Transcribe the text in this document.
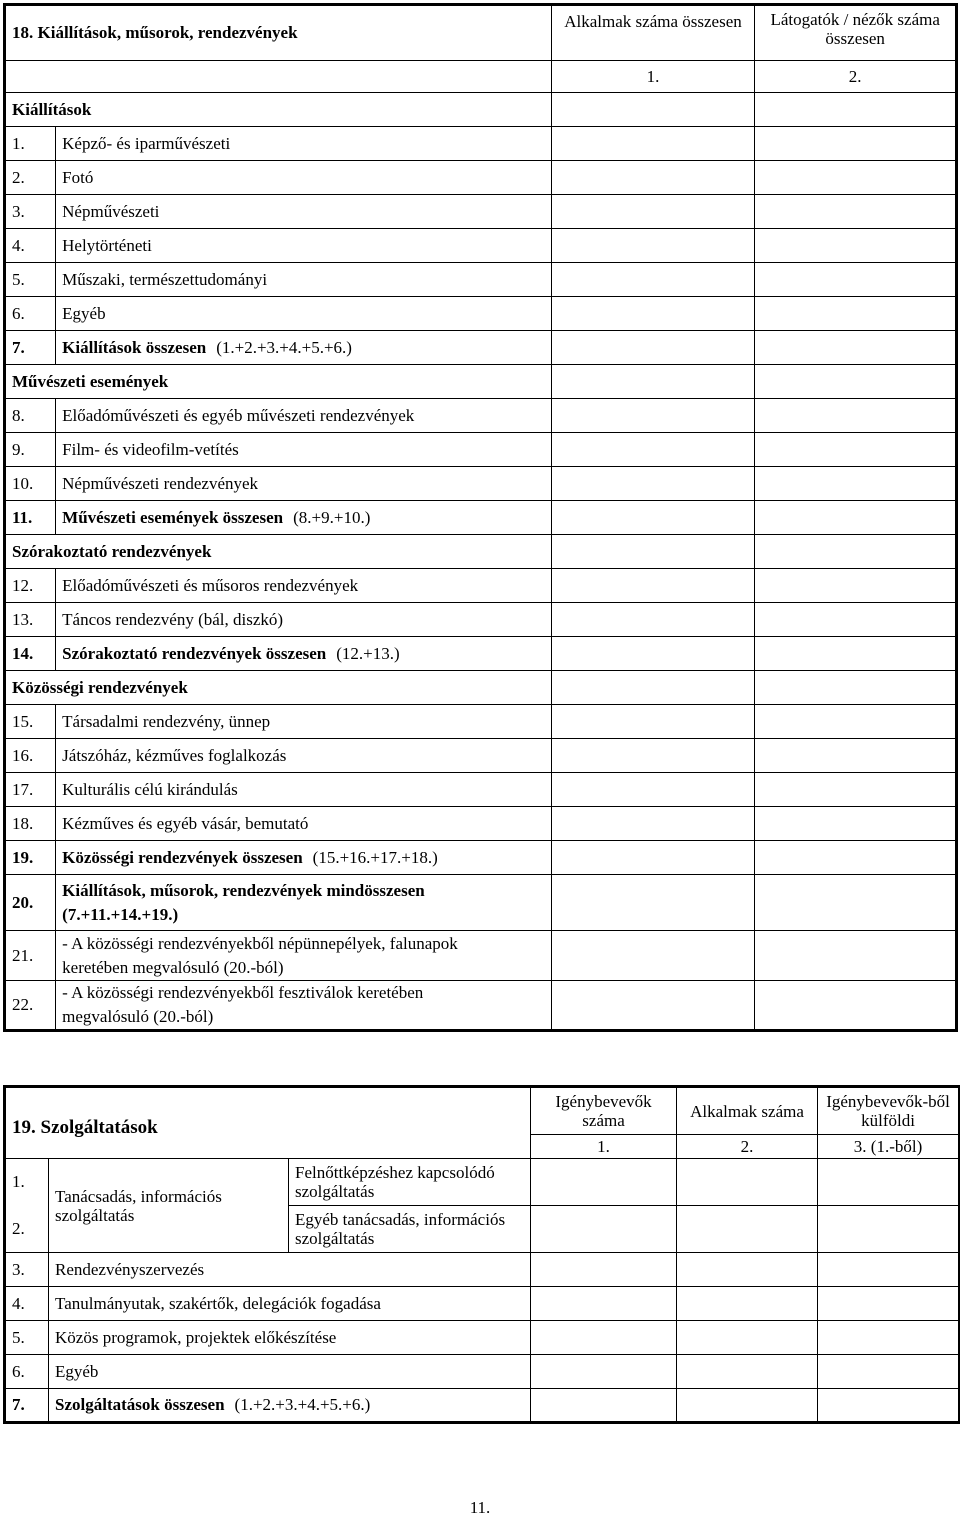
18. Kiállítások, műsorok, rendezvények		Alkalmak száma összesen	Látogatók / nézők száma összesen
		1.	2.
Kiállítások			
1.	Képző- és iparművészeti		
2.	Fotó		
3.	Népművészeti		
4.	Helytörténeti		
5.	Műszaki, természettudományi		
6.	Egyéb		
7.	Kiállítások összesen (1.+2.+3.+4.+5.+6.)		
Művészeti események			
8.	Előadóművészeti és egyéb művészeti rendezvények		
9.	Film- és videofilm-vetítés		
10.	Népművészeti rendezvények		
11.	Művészeti események összesen (8.+9.+10.)		
Szórakoztató rendezvények			
12.	Előadóművészeti és műsoros rendezvények		
13.	Táncos rendezvény (bál, diszkó)		
14.	Szórakoztató rendezvények összesen (12.+13.)		
Közösségi rendezvények			
15.	Társadalmi rendezvény, ünnep		
16.	Játszóház, kézműves foglalkozás		
17.	Kulturális célú kirándulás		
18.	Kézműves és egyéb vásár, bemutató		
19.	Közösségi rendezvények összesen (15.+16.+17.+18.)		
20.	Kiállítások, műsorok, rendezvények mindösszesen
(7.+11.+14.+19.)		

21.	- A közösségi rendezvényekből népünnepélyek, falunapok
keretében megvalósuló (20.-ból)		

22.	- A közösségi rendezvényekből fesztiválok keretében
megvalósuló (20.-ból)		

19. Szolgáltatások			Igénybevevők száma	Alkalmak száma	Igénybevevők-ből külföldi
			1.	2.	3. (1.-ből)
1.	Tanácsadás, információs szolgáltatás	Felnőttképzéshez kapcsolódó szolgáltatás			
2.		Egyéb tanácsadás, információs szolgáltatás			
3.	Rendezvényszervezés				
4.	Tanulmányutak, szakértők, delegációk fogadása				
5.	Közös programok, projektek előkészítése				
6.	Egyéb				
7.	Szolgáltatások összesen (1.+2.+3.+4.+5.+6.)				
11.
